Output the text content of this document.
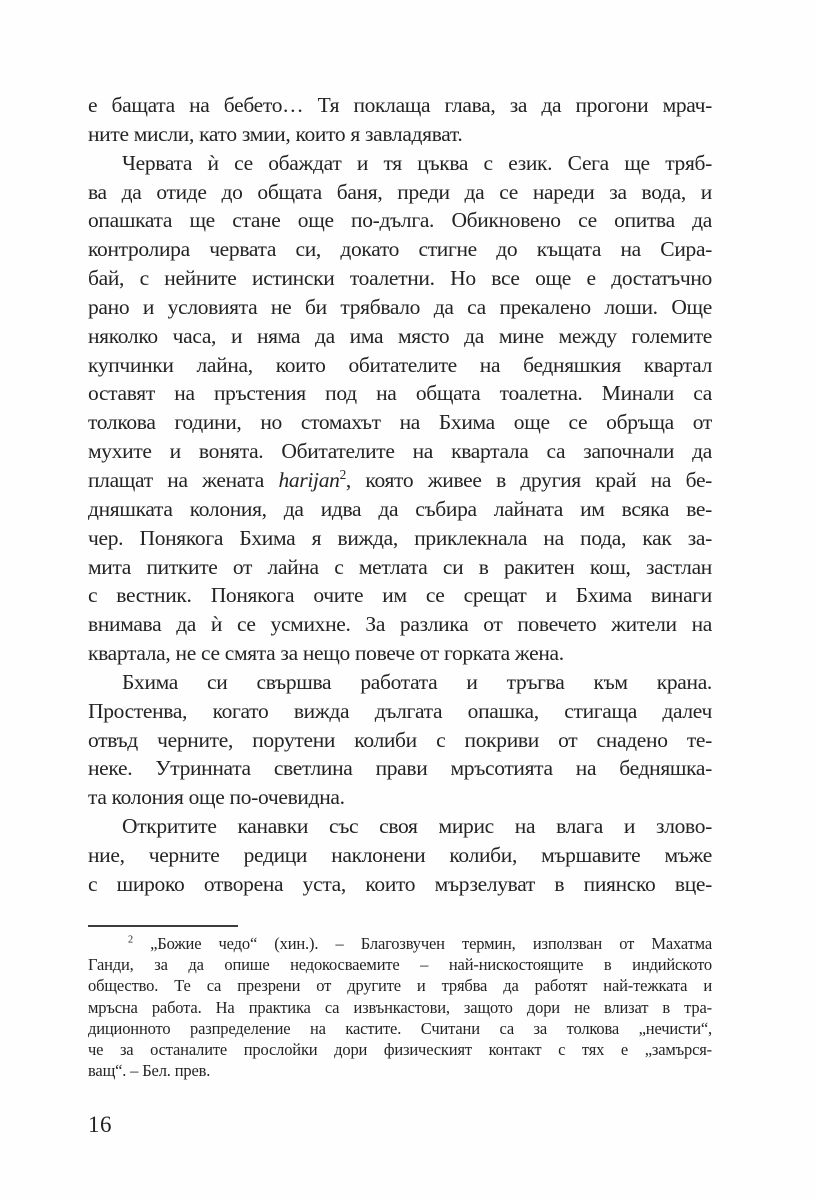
е бащата на бебето… Тя поклаща глава, за да прогони мрач-
ните мисли, като змии, които я завладяват.
Червата ѝ се обаждат и тя цъква с език. Сега ще тряб-
ва да отиде до общата баня, преди да се нареди за вода, и
опашката ще стане още по-дълга. Обикновено се опитва да
контролира червата си, докато стигне до къщата на Сира-
бай, с нейните истински тоалетни. Но все още е достатъчно
рано и условията не би трябвало да са прекалено лоши. Още
няколко часа, и няма да има място да мине между големите
купчинки лайна, които обитателите на бедняшкия квартал
оставят на пръстения под на общата тоалетна. Минали са
толкова години, но стомахът на Бхима още се обръща от
мухите и вонята. Обитателите на квартала са започнали да
плащат на жената harijan$^2$, която живее в другия край на бе-
дняшката колония, да идва да събира лайната им всяка ве-
чер. Понякога Бхима я вижда, приклекнала на пода, как за-
мита питките от лайна с метлата си в ракитен кош, застлан
с вестник. Понякога очите им се срещат и Бхима винаги
внимава да ѝ се усмихне. За разлика от повечето жители на
квартала, не се смята за нещо повече от горката жена.
Бхима си свършва работата и тръгва към крана.
Простенва, когато вижда дългата опашка, стигаща далеч
отвъд черните, порутени колиби с покриви от снадено те-
неке. Утринната светлина прави мръсотията на бедняшка-
та колония още по-очевидна.
Откритите канавки със своя мирис на влага и злово-
ние, черните редици наклонени колиби, мършавите мъже
с широко отворена уста, които мързелуват в пиянско вце-
$^2$ „Божие чедо“ (хин.). – Благозвучен термин, използван от Махатма
Ганди, за да опише недокосваемите – най-нискостоящите в индийското
общество. Те са презрени от другите и трябва да работят най-тежката и
мръсна работа. На практика са извънкастови, защото дори не влизат в тра-
диционното разпределение на кастите. Считани са за толкова „нечисти“,
че за останалите прослойки дори физическият контакт с тях е „замърся-
ващ“. – Бел. прев.
16
